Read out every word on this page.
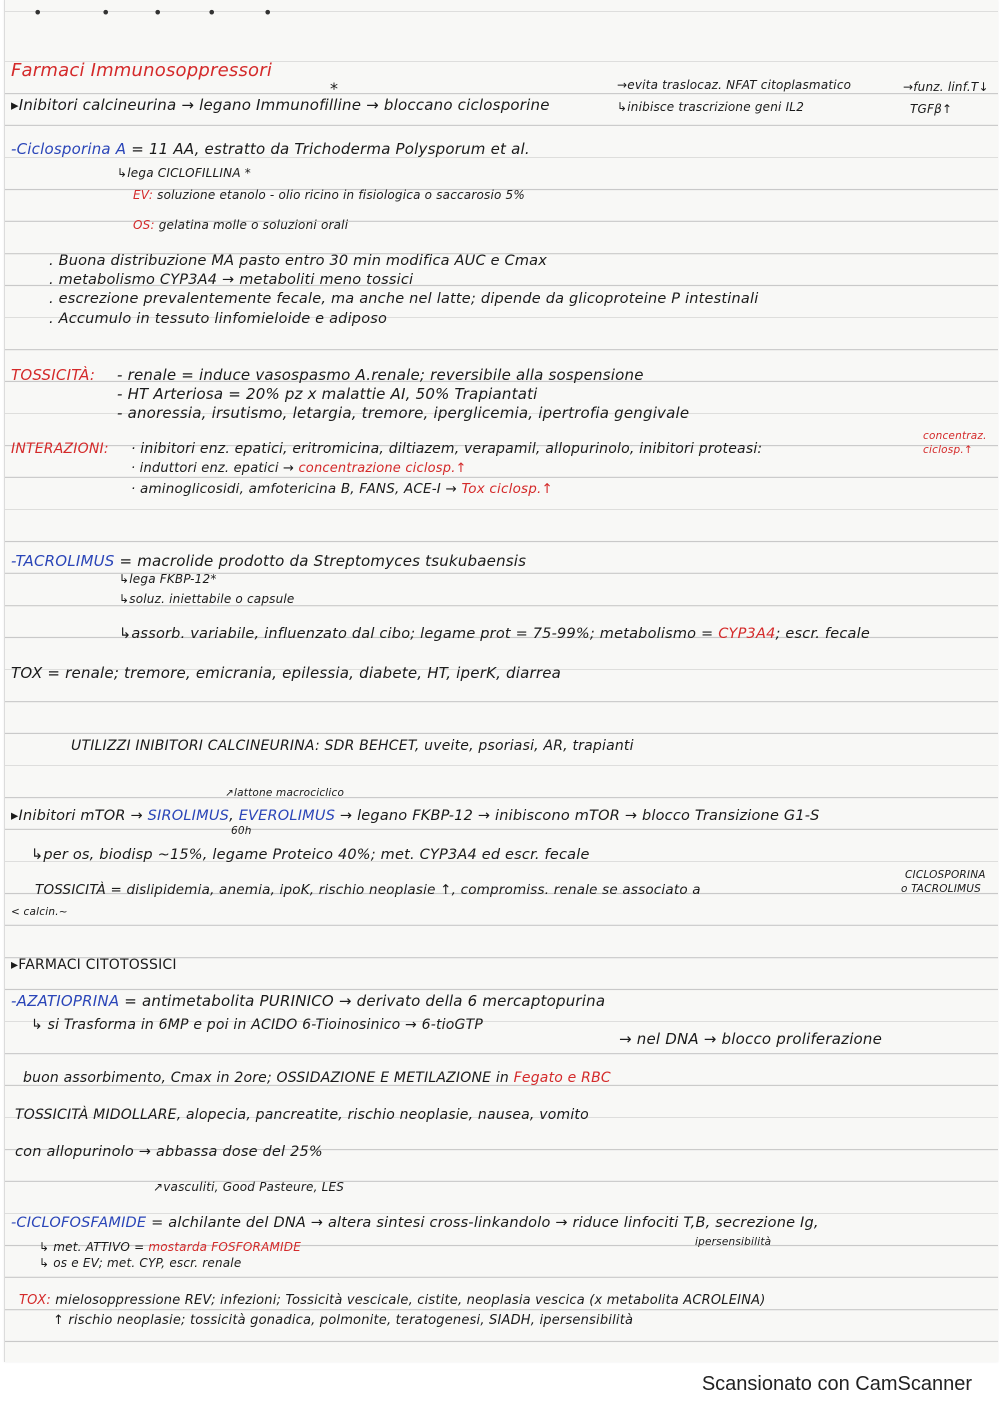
•	•	•	•	•
Farmaci Immunosoppressori
*
▸Inibitori calcineurina → legano Immunofilline → bloccano ciclosporine
→evita traslocaz. NFAT citoplasmatico
↳inibisce trascrizione geni IL2
→funz. linf.T↓
TGFβ↑
-Ciclosporina A = 11 AA, estratto da Trichoderma Polysporum et al.
↳lega CICLOFILLINA *
EV: soluzione etanolo - olio ricino in fisiologica o saccarosio 5%
OS: gelatina molle o soluzioni orali
. Buona distribuzione MA pasto entro 30 min modifica AUC e Cmax
. metabolismo CYP3A4 → metaboliti meno tossici
. escrezione prevalentemente fecale, ma anche nel latte; dipende da glicoproteine P intestinali
. Accumulo in tessuto linfomieloide e adiposo
TOSSICITÀ: - renale = induce vasospasmo A.renale; reversibile alla sospensione
- HT Arteriosa = 20% pz x malattie AI, 50% Trapiantati
- anoressia, irsutismo, letargia, tremore, iperglicemia, ipertrofia gengivale
INTERAZIONI: · inibitori enz. epatici, eritromicina, diltiazem, verapamil, allopurinolo, inibitori proteasi:
concentraz.
ciclosp.↑
· induttori enz. epatici → concentrazione ciclosp.↑
· aminoglicosidi, amfotericina B, FANS, ACE-I → Tox ciclosp.↑
-TACROLIMUS = macrolide prodotto da Streptomyces tsukubaensis
↳lega FKBP-12*
↳soluz. iniettabile o capsule
↳assorb. variabile, influenzato dal cibo; legame prot = 75-99%; metabolismo = CYP3A4; escr. fecale
TOX = renale; tremore, emicrania, epilessia, diabete, HT, iperK, diarrea
UTILIZZI INIBITORI CALCINEURINA: SDR BEHCET, uveite, psoriasi, AR, trapianti
↗lattone macrociclico
▸Inibitori mTOR → SIROLIMUS, EVEROLIMUS → legano FKBP-12 → inibiscono mTOR → blocco Transizione G1-S
60h
↳per os, biodisp ~15%, legame Proteico 40%; met. CYP3A4 ed escr. fecale
TOSSICITÀ = dislipidemia, anemia, ipoK, rischio neoplasie ↑, compromiss. renale se associato a
CICLOSPORINA
o TACROLIMUS
< calcin.~
▸FARMACI CITOTOSSICI
-AZATIOPRINA = antimetabolita PURINICO → derivato della 6 mercaptopurina
↳ si Trasforma in 6MP e poi in ACIDO 6-Tioinosinico → 6-tioGTP
→ nel DNA → blocco proliferazione
buon assorbimento, Cmax in 2ore; OSSIDAZIONE E METILAZIONE in Fegato e RBC
TOSSICITÀ MIDOLLARE, alopecia, pancreatite, rischio neoplasie, nausea, vomito
con allopurinolo → abbassa dose del 25%
↗vasculiti, Good Pasteure, LES
-CICLOFOSFAMIDE = alchilante del DNA → altera sintesi cross-linkandolo → riduce linfociti T,B, secrezione Ig,
ipersensibilità
↳ met. ATTIVO = mostarda FOSFORAMIDE
↳ os e EV; met. CYP, escr. renale
TOX: mielosoppressione REV; infezioni; Tossicità vescicale, cistite, neoplasia vescica (x metabolita ACROLEINA)
↑ rischio neoplasie; tossicità gonadica, polmonite, teratogenesi, SIADH, ipersensibilità
Scansionato con CamScanner
